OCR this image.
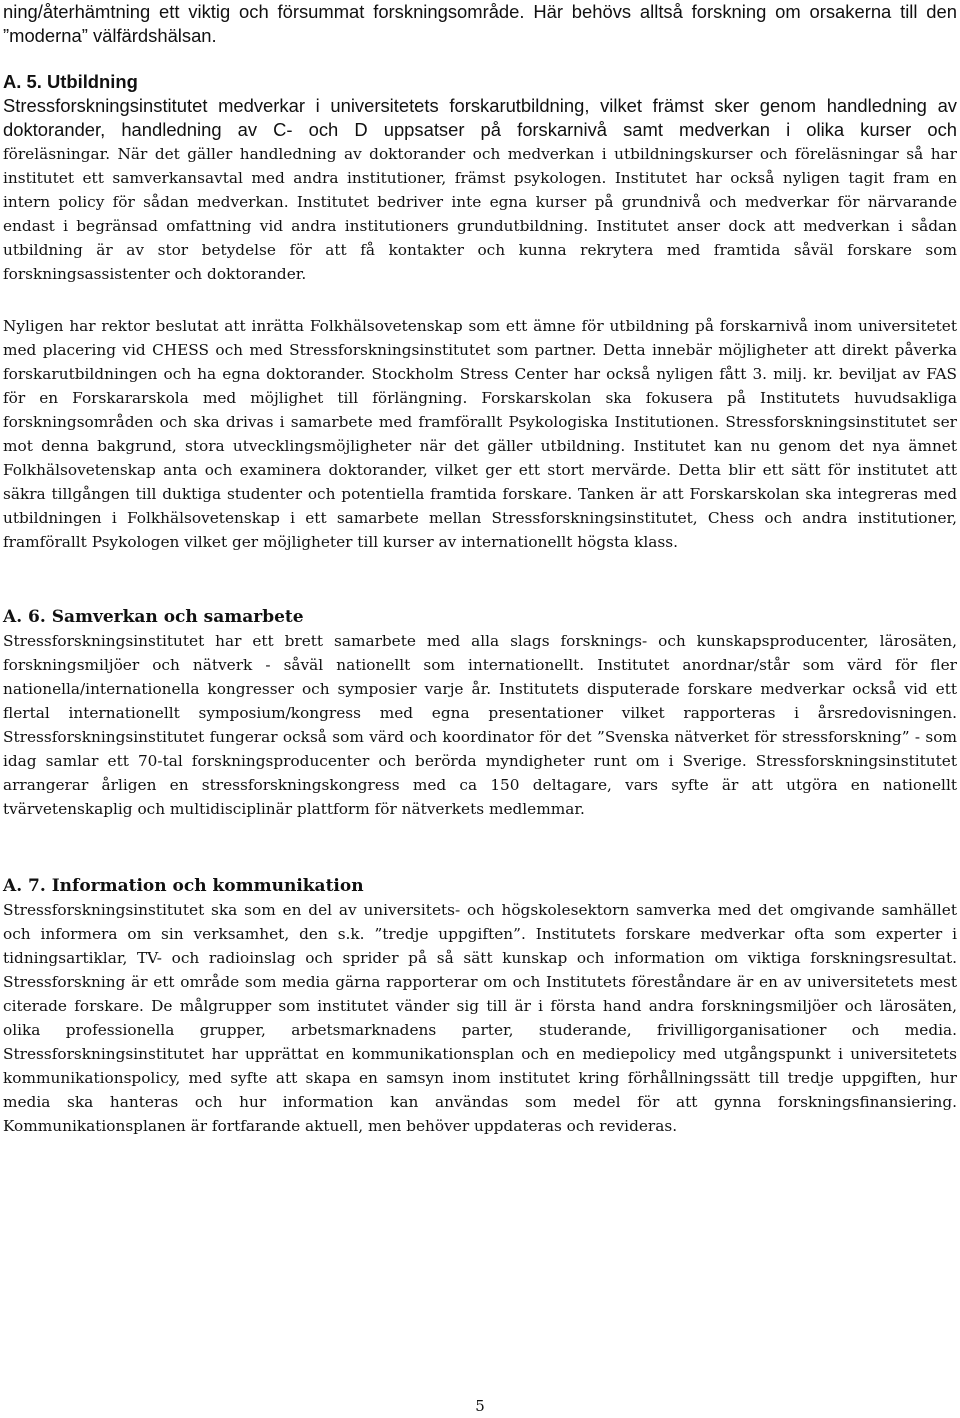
ning/återhämtning ett viktig och försummat forskningsområde. Här behövs alltså forskning om orsakerna till den ”moderna” välfärdshälsan.

A. 5. Utbildning

Stressforskningsinstitutet medverkar i universitetets forskarutbildning, vilket främst sker genom handledning av doktorander, handledning av C- och D uppsatser på forskarnivå samt medverkan i olika kurser och

föreläsningar. När det gäller handledning av doktorander och medverkan i utbildningskurser och föreläsningar så har institutet ett samverkansavtal med andra institutioner, främst psykologen. Institutet har också nyligen tagit fram en intern policy för sådan medverkan. Institutet bedriver inte egna kurser på grundnivå och medverkar för närvarande endast i begränsad omfattning vid andra institutioners grundutbildning. Institutet anser dock att medverkan i sådan utbildning är av stor betydelse för att få kontakter och kunna rekrytera med framtida såväl forskare som forskningsassistenter och doktorander.

Nyligen har rektor beslutat att inrätta Folkhälsovetenskap som ett ämne för utbildning på forskarnivå inom universitetet med placering vid CHESS och med Stressforskningsinstitutet som partner. Detta innebär möjligheter att direkt påverka forskarutbildningen och ha egna doktorander. Stockholm Stress Center har också nyligen fått 3. milj. kr. beviljat av FAS för en Forskararskola med möjlighet till förlängning. Forskarskolan ska fokusera på Institutets huvudsakliga forskningsområden och ska drivas i samarbete med framförallt Psykologiska Institutionen. Stressforskningsinstitutet ser mot denna bakgrund, stora utvecklingsmöjligheter när det gäller utbildning. Institutet kan nu genom det nya ämnet Folkhälsovetenskap anta och examinera doktorander, vilket ger ett stort mervärde. Detta blir ett sätt för institutet att säkra tillgången till duktiga studenter och potentiella framtida forskare. Tanken är att Forskarskolan ska integreras med utbildningen i Folkhälsovetenskap i ett samarbete mellan Stressforskningsinstitutet, Chess och andra institutioner, framförallt Psykologen vilket ger möjligheter till kurser av internationellt högsta klass.

A. 6. Samverkan och samarbete

Stressforskningsinstitutet har ett brett samarbete med alla slags forsknings- och kunskapsproducenter, lärosäten, forskningsmiljöer och nätverk - såväl nationellt som internationellt. Institutet anordnar/står som värd för fler nationella/internationella kongresser och symposier varje år. Institutets disputerade forskare medverkar också vid ett flertal internationellt symposium/kongress med egna presentationer vilket rapporteras i årsredovisningen. Stressforskningsinstitutet fungerar också som värd och koordinator för det ”Svenska nätverket för stressforskning” - som idag samlar ett 70-tal forskningsproducenter och berörda myndigheter runt om i Sverige. Stressforskningsinstitutet arrangerar årligen en stressforskningskongress med ca 150 deltagare, vars syfte är att utgöra en nationellt tvärvetenskaplig och multidisciplinär plattform för nätverkets medlemmar.

A. 7. Information och kommunikation

Stressforskningsinstitutet ska som en del av universitets- och högskolesektorn samverka med det omgivande samhället och informera om sin verksamhet, den s.k. ”tredje uppgiften”. Institutets forskare medverkar ofta som experter i tidningsartiklar, TV- och radioinslag och sprider på så sätt kunskap och information om viktiga forskningsresultat. Stressforskning är ett område som media gärna rapporterar om och Institutets föreståndare är en av universitetets mest citerade forskare. De målgrupper som institutet vänder sig till är i första hand andra forskningsmiljöer och lärosäten, olika professionella grupper, arbetsmarknadens parter, studerande, frivilligorganisationer och media. Stressforskningsinstitutet har upprättat en kommunikationsplan och en mediepolicy med utgångspunkt i universitetets kommunikationspolicy, med syfte att skapa en samsyn inom institutet kring förhållningssätt till tredje uppgiften, hur media ska hanteras och hur information kan användas som medel för att gynna forskningsfinansiering. Kommunikationsplanen är fortfarande aktuell, men behöver uppdateras och revideras.

5
